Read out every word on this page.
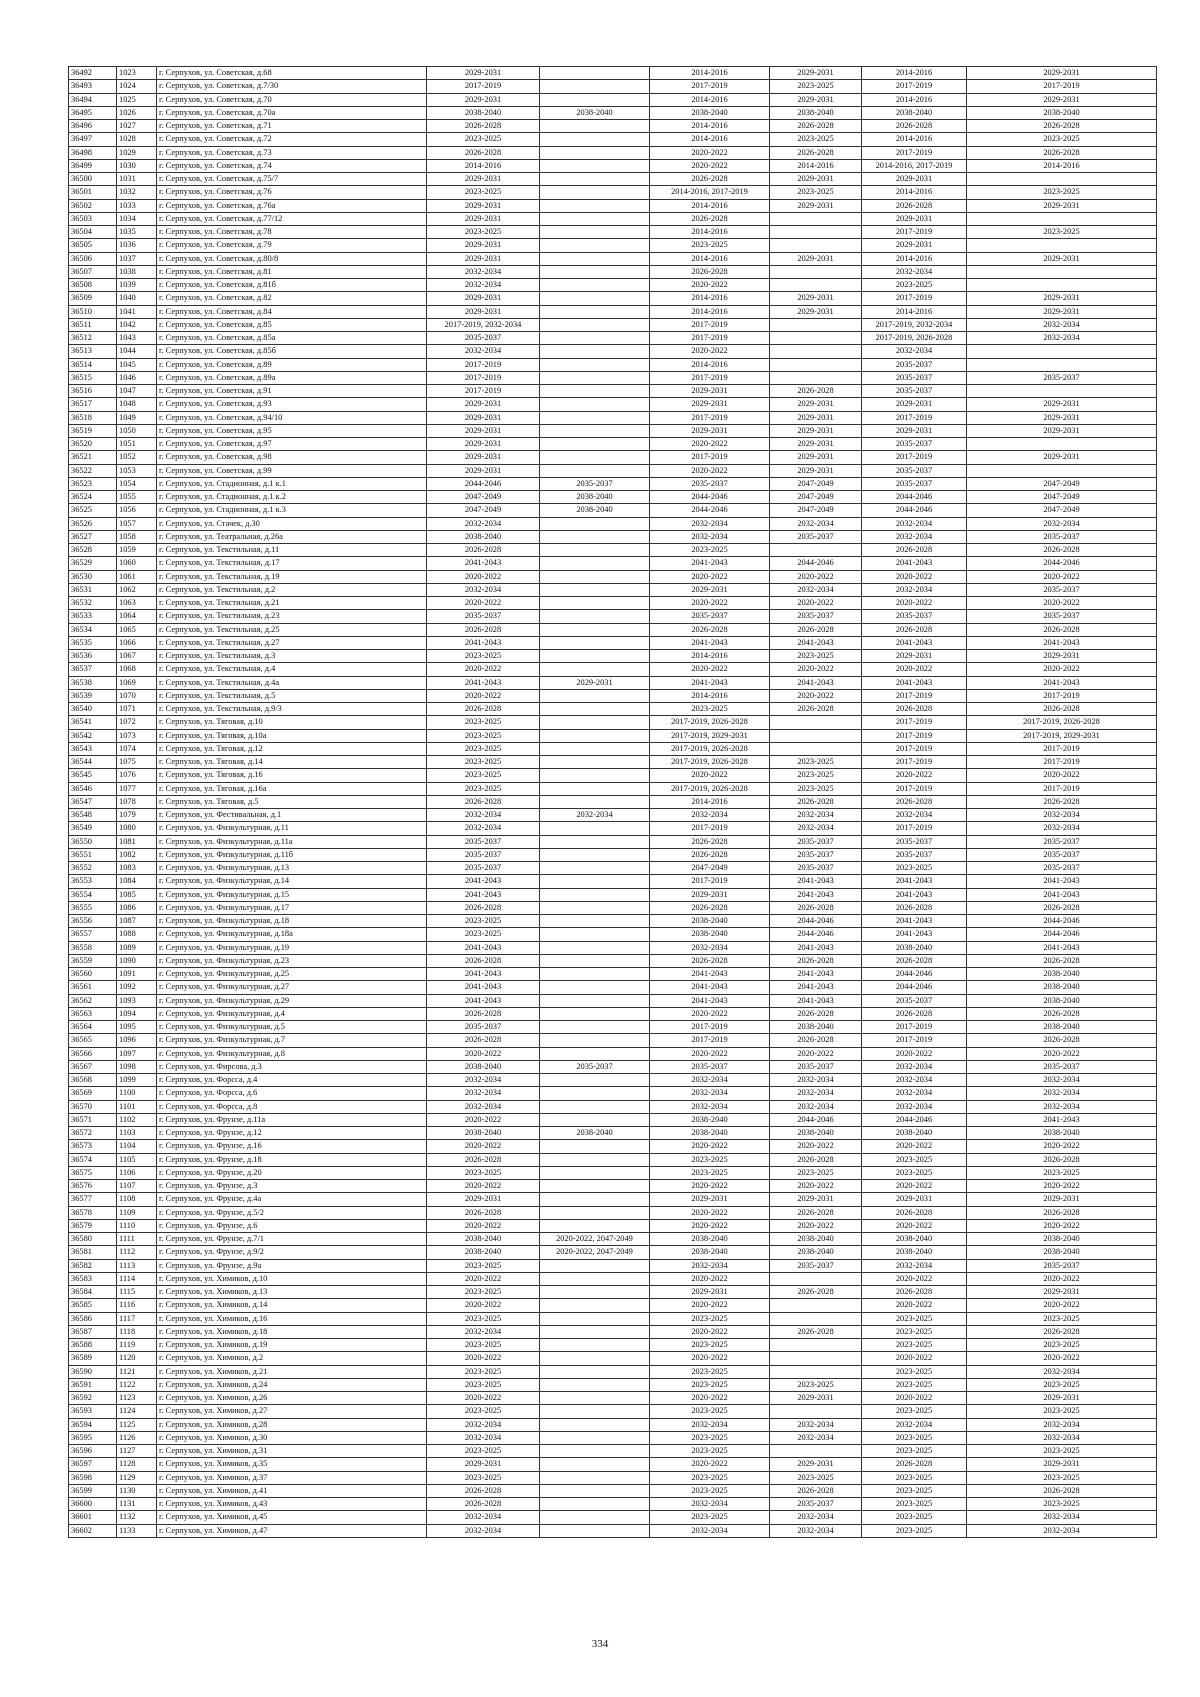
36492	1023	г. Серпухов, ул. Советская, д.68	2029-2031		2014-2016	2029-2031	2014-2016	2029-2031
36493	1024	г. Серпухов, ул. Советская, д.7/30	2017-2019		2017-2019	2023-2025	2017-2019	2017-2019
36494	1025	г. Серпухов, ул. Советская, д.70	2029-2031		2014-2016	2029-2031	2014-2016	2029-2031
36495	1026	г. Серпухов, ул. Советская, д.70а	2038-2040	2038-2040	2038-2040	2038-2040	2038-2040	2038-2040
36496	1027	г. Серпухов, ул. Советская, д.71	2026-2028		2014-2016	2026-2028	2026-2028	2026-2028
36497	1028	г. Серпухов, ул. Советская, д.72	2023-2025		2014-2016	2023-2025	2014-2016	2023-2025
36498	1029	г. Серпухов, ул. Советская, д.73	2026-2028		2020-2022	2026-2028	2017-2019	2026-2028
36499	1030	г. Серпухов, ул. Советская, д.74	2014-2016		2020-2022	2014-2016	2014-2016, 2017-2019	2014-2016
36500	1031	г. Серпухов, ул. Советская, д.75/7	2029-2031		2026-2028	2029-2031	2029-2031	
36501	1032	г. Серпухов, ул. Советская, д.76	2023-2025		2014-2016, 2017-2019	2023-2025	2014-2016	2023-2025
36502	1033	г. Серпухов, ул. Советская, д.76а	2029-2031		2014-2016	2029-2031	2026-2028	2029-2031
36503	1034	г. Серпухов, ул. Советская, д.77/12	2029-2031		2026-2028		2029-2031	
36504	1035	г. Серпухов, ул. Советская, д.78	2023-2025		2014-2016		2017-2019	2023-2025
36505	1036	г. Серпухов, ул. Советская, д.79	2029-2031		2023-2025		2029-2031	
36506	1037	г. Серпухов, ул. Советская, д.80/8	2029-2031		2014-2016	2029-2031	2014-2016	2029-2031
36507	1038	г. Серпухов, ул. Советская, д.81	2032-2034		2026-2028		2032-2034	
36508	1039	г. Серпухов, ул. Советская, д.81б	2032-2034		2020-2022		2023-2025	
36509	1040	г. Серпухов, ул. Советская, д.82	2029-2031		2014-2016	2029-2031	2017-2019	2029-2031
36510	1041	г. Серпухов, ул. Советская, д.84	2029-2031		2014-2016	2029-2031	2014-2016	2029-2031
36511	1042	г. Серпухов, ул. Советская, д.85	2017-2019, 2032-2034		2017-2019		2017-2019, 2032-2034	2032-2034
36512	1043	г. Серпухов, ул. Советская, д.85а	2035-2037		2017-2019		2017-2019, 2026-2028	2032-2034
36513	1044	г. Серпухов, ул. Советская, д.85б	2032-2034		2020-2022		2032-2034	
36514	1045	г. Серпухов, ул. Советская, д.89	2017-2019		2014-2016		2035-2037	
36515	1046	г. Серпухов, ул. Советская, д.89а	2017-2019		2017-2019		2035-2037	2035-2037
36516	1047	г. Серпухов, ул. Советская, д.91	2017-2019		2029-2031	2026-2028	2035-2037	
36517	1048	г. Серпухов, ул. Советская, д.93	2029-2031		2029-2031	2029-2031	2029-2031	2029-2031
36518	1049	г. Серпухов, ул. Советская, д.94/10	2029-2031		2017-2019	2029-2031	2017-2019	2029-2031
36519	1050	г. Серпухов, ул. Советская, д.95	2029-2031		2029-2031	2029-2031	2029-2031	2029-2031
36520	1051	г. Серпухов, ул. Советская, д.97	2029-2031		2020-2022	2029-2031	2035-2037	
36521	1052	г. Серпухов, ул. Советская, д.98	2029-2031		2017-2019	2029-2031	2017-2019	2029-2031
36522	1053	г. Серпухов, ул. Советская, д.99	2029-2031		2020-2022	2029-2031	2035-2037	
36523	1054	г. Серпухов, ул. Стадионная, д.1 к.1	2044-2046	2035-2037	2035-2037	2047-2049	2035-2037	2047-2049
36524	1055	г. Серпухов, ул. Стадионная, д.1 к.2	2047-2049	2038-2040	2044-2046	2047-2049	2044-2046	2047-2049
36525	1056	г. Серпухов, ул. Стадионная, д.1 к.3	2047-2049	2038-2040	2044-2046	2047-2049	2044-2046	2047-2049
36526	1057	г. Серпухов, ул. Стачек, д.30	2032-2034		2032-2034	2032-2034	2032-2034	2032-2034
36527	1058	г. Серпухов, ул. Театральная, д.26а	2038-2040		2032-2034	2035-2037	2032-2034	2035-2037
36528	1059	г. Серпухов, ул. Текстильная, д.11	2026-2028		2023-2025		2026-2028	2026-2028
36529	1060	г. Серпухов, ул. Текстильная, д.17	2041-2043		2041-2043	2044-2046	2041-2043	2044-2046
36530	1061	г. Серпухов, ул. Текстильная, д.19	2020-2022		2020-2022	2020-2022	2020-2022	2020-2022
36531	1062	г. Серпухов, ул. Текстильная, д.2	2032-2034		2029-2031	2032-2034	2032-2034	2035-2037
36532	1063	г. Серпухов, ул. Текстильная, д.21	2020-2022		2020-2022	2020-2022	2020-2022	2020-2022
36533	1064	г. Серпухов, ул. Текстильная, д.23	2035-2037		2035-2037	2035-2037	2035-2037	2035-2037
36534	1065	г. Серпухов, ул. Текстильная, д.25	2026-2028		2026-2028	2026-2028	2026-2028	2026-2028
36535	1066	г. Серпухов, ул. Текстильная, д.27	2041-2043		2041-2043	2041-2043	2041-2043	2041-2043
36536	1067	г. Серпухов, ул. Текстильная, д.3	2023-2025		2014-2016	2023-2025	2029-2031	2029-2031
36537	1068	г. Серпухов, ул. Текстильная, д.4	2020-2022		2020-2022	2020-2022	2020-2022	2020-2022
36538	1069	г. Серпухов, ул. Текстильная, д.4а	2041-2043	2029-2031	2041-2043	2041-2043	2041-2043	2041-2043
36539	1070	г. Серпухов, ул. Текстильная, д.5	2020-2022		2014-2016	2020-2022	2017-2019	2017-2019
36540	1071	г. Серпухов, ул. Текстильная, д.9/3	2026-2028		2023-2025	2026-2028	2026-2028	2026-2028
36541	1072	г. Серпухов, ул. Тяговая, д.10	2023-2025		2017-2019, 2026-2028		2017-2019	2017-2019, 2026-2028
36542	1073	г. Серпухов, ул. Тяговая, д.10а	2023-2025		2017-2019, 2029-2031		2017-2019	2017-2019, 2029-2031
36543	1074	г. Серпухов, ул. Тяговая, д.12	2023-2025		2017-2019, 2026-2028		2017-2019	2017-2019
36544	1075	г. Серпухов, ул. Тяговая, д.14	2023-2025		2017-2019, 2026-2028	2023-2025	2017-2019	2017-2019
36545	1076	г. Серпухов, ул. Тяговая, д.16	2023-2025		2020-2022	2023-2025	2020-2022	2020-2022
36546	1077	г. Серпухов, ул. Тяговая, д.16а	2023-2025		2017-2019, 2026-2028	2023-2025	2017-2019	2017-2019
36547	1078	г. Серпухов, ул. Тяговая, д.5	2026-2028		2014-2016	2026-2028	2026-2028	2026-2028
36548	1079	г. Серпухов, ул. Фестивальная, д.1	2032-2034	2032-2034	2032-2034	2032-2034	2032-2034	2032-2034
36549	1080	г. Серпухов, ул. Физкультурная, д.11	2032-2034		2017-2019	2032-2034	2017-2019	2032-2034
36550	1081	г. Серпухов, ул. Физкультурная, д.11а	2035-2037		2026-2028	2035-2037	2035-2037	2035-2037
36551	1082	г. Серпухов, ул. Физкультурная, д.11б	2035-2037		2026-2028	2035-2037	2035-2037	2035-2037
36552	1083	г. Серпухов, ул. Физкультурная, д.13	2035-2037		2047-2049	2035-2037	2023-2025	2035-2037
36553	1084	г. Серпухов, ул. Физкультурная, д.14	2041-2043		2017-2019	2041-2043	2041-2043	2041-2043
36554	1085	г. Серпухов, ул. Физкультурная, д.15	2041-2043		2029-2031	2041-2043	2041-2043	2041-2043
36555	1086	г. Серпухов, ул. Физкультурная, д.17	2026-2028		2026-2028	2026-2028	2026-2028	2026-2028
36556	1087	г. Серпухов, ул. Физкультурная, д.18	2023-2025		2038-2040	2044-2046	2041-2043	2044-2046
36557	1088	г. Серпухов, ул. Физкультурная, д.18а	2023-2025		2038-2040	2044-2046	2041-2043	2044-2046
36558	1089	г. Серпухов, ул. Физкультурная, д.19	2041-2043		2032-2034	2041-2043	2038-2040	2041-2043
36559	1090	г. Серпухов, ул. Физкультурная, д.23	2026-2028		2026-2028	2026-2028	2026-2028	2026-2028
36560	1091	г. Серпухов, ул. Физкультурная, д.25	2041-2043		2041-2043	2041-2043	2044-2046	2038-2040
36561	1092	г. Серпухов, ул. Физкультурная, д.27	2041-2043		2041-2043	2041-2043	2044-2046	2038-2040
36562	1093	г. Серпухов, ул. Физкультурная, д.29	2041-2043		2041-2043	2041-2043	2035-2037	2038-2040
36563	1094	г. Серпухов, ул. Физкультурная, д.4	2026-2028		2020-2022	2026-2028	2026-2028	2026-2028
36564	1095	г. Серпухов, ул. Физкультурная, д.5	2035-2037		2017-2019	2038-2040	2017-2019	2038-2040
36565	1096	г. Серпухов, ул. Физкультурная, д.7	2026-2028		2017-2019	2026-2028	2017-2019	2026-2028
36566	1097	г. Серпухов, ул. Физкультурная, д.8	2020-2022		2020-2022	2020-2022	2020-2022	2020-2022
36567	1098	г. Серпухов, ул. Фирсова, д.3	2038-2040	2035-2037	2035-2037	2035-2037	2032-2034	2035-2037
36568	1099	г. Серпухов, ул. Форсса, д.4	2032-2034		2032-2034	2032-2034	2032-2034	2032-2034
36569	1100	г. Серпухов, ул. Форсса, д.6	2032-2034		2032-2034	2032-2034	2032-2034	2032-2034
36570	1101	г. Серпухов, ул. Форсса, д.8	2032-2034		2032-2034	2032-2034	2032-2034	2032-2034
36571	1102	г. Серпухов, ул. Фрунзе, д.11а	2020-2022		2038-2040	2044-2046	2044-2046	2041-2043
36572	1103	г. Серпухов, ул. Фрунзе, д.12	2038-2040	2038-2040	2038-2040	2038-2040	2038-2040	2038-2040
36573	1104	г. Серпухов, ул. Фрунзе, д.16	2020-2022		2020-2022	2020-2022	2020-2022	2020-2022
36574	1105	г. Серпухов, ул. Фрунзе, д.18	2026-2028		2023-2025	2026-2028	2023-2025	2026-2028
36575	1106	г. Серпухов, ул. Фрунзе, д.20	2023-2025		2023-2025	2023-2025	2023-2025	2023-2025
36576	1107	г. Серпухов, ул. Фрунзе, д.3	2020-2022		2020-2022	2020-2022	2020-2022	2020-2022
36577	1108	г. Серпухов, ул. Фрунзе, д.4а	2029-2031		2029-2031	2029-2031	2029-2031	2029-2031
36578	1109	г. Серпухов, ул. Фрунзе, д.5/2	2026-2028		2020-2022	2026-2028	2026-2028	2026-2028
36579	1110	г. Серпухов, ул. Фрунзе, д.6	2020-2022		2020-2022	2020-2022	2020-2022	2020-2022
36580	1111	г. Серпухов, ул. Фрунзе, д.7/1	2038-2040	2020-2022, 2047-2049	2038-2040	2038-2040	2038-2040	2038-2040
36581	1112	г. Серпухов, ул. Фрунзе, д.9/2	2038-2040	2020-2022, 2047-2049	2038-2040	2038-2040	2038-2040	2038-2040
36582	1113	г. Серпухов, ул. Фрунзе, д.9а	2023-2025		2032-2034	2035-2037	2032-2034	2035-2037
36583	1114	г. Серпухов, ул. Химиков, д.10	2020-2022		2020-2022		2020-2022	2020-2022
36584	1115	г. Серпухов, ул. Химиков, д.13	2023-2025		2029-2031	2026-2028	2026-2028	2029-2031
36585	1116	г. Серпухов, ул. Химиков, д.14	2020-2022		2020-2022		2020-2022	2020-2022
36586	1117	г. Серпухов, ул. Химиков, д.16	2023-2025		2023-2025		2023-2025	2023-2025
36587	1118	г. Серпухов, ул. Химиков, д.18	2032-2034		2020-2022	2026-2028	2023-2025	2026-2028
36588	1119	г. Серпухов, ул. Химиков, д.19	2023-2025		2023-2025		2023-2025	2023-2025
36589	1120	г. Серпухов, ул. Химиков, д.2	2020-2022		2020-2022		2020-2022	2020-2022
36590	1121	г. Серпухов, ул. Химиков, д.21	2023-2025		2023-2025		2023-2025	2032-2034
36591	1122	г. Серпухов, ул. Химиков, д.24	2023-2025		2023-2025	2023-2025	2023-2025	2023-2025
36592	1123	г. Серпухов, ул. Химиков, д.26	2020-2022		2020-2022	2029-2031	2020-2022	2029-2031
36593	1124	г. Серпухов, ул. Химиков, д.27	2023-2025		2023-2025		2023-2025	2023-2025
36594	1125	г. Серпухов, ул. Химиков, д.28	2032-2034		2032-2034	2032-2034	2032-2034	2032-2034
36595	1126	г. Серпухов, ул. Химиков, д.30	2032-2034		2023-2025	2032-2034	2023-2025	2032-2034
36596	1127	г. Серпухов, ул. Химиков, д.31	2023-2025		2023-2025		2023-2025	2023-2025
36597	1128	г. Серпухов, ул. Химиков, д.35	2029-2031		2020-2022	2029-2031	2026-2028	2029-2031
36598	1129	г. Серпухов, ул. Химиков, д.37	2023-2025		2023-2025	2023-2025	2023-2025	2023-2025
36599	1130	г. Серпухов, ул. Химиков, д.41	2026-2028		2023-2025	2026-2028	2023-2025	2026-2028
36600	1131	г. Серпухов, ул. Химиков, д.43	2026-2028		2032-2034	2035-2037	2023-2025	2023-2025
36601	1132	г. Серпухов, ул. Химиков, д.45	2032-2034		2023-2025	2032-2034	2023-2025	2032-2034
36602	1133	г. Серпухов, ул. Химиков, д.47	2032-2034		2032-2034	2032-2034	2023-2025	2032-2034
334
